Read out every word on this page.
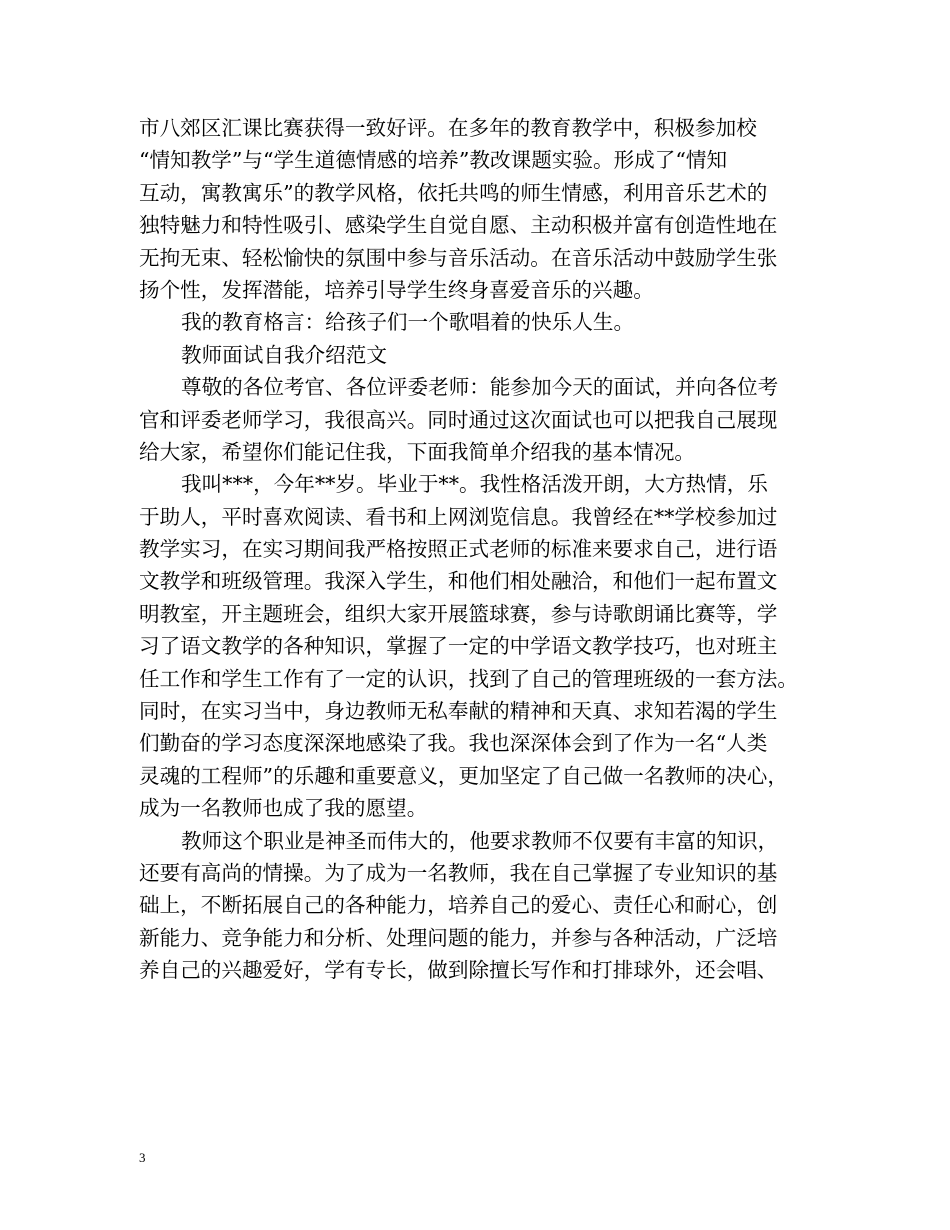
市八郊区汇课比赛获得一致好评。在多年的教育教学中，积极参加校
“情知教学”与“学生道德情感的培养”教改课题实验。形成了“情知
互动，寓教寓乐”的教学风格，依托共鸣的师生情感，利用音乐艺术的
独特魅力和特性吸引、感染学生自觉自愿、主动积极并富有创造性地在
无拘无束、轻松愉快的氛围中参与音乐活动。在音乐活动中鼓励学生张
扬个性，发挥潜能，培养引导学生终身喜爱音乐的兴趣。
我的教育格言：给孩子们一个歌唱着的快乐人生。
教师面试自我介绍范文
尊敬的各位考官、各位评委老师：能参加今天的面试，并向各位考
官和评委老师学习，我很高兴。同时通过这次面试也可以把我自己展现
给大家，希望你们能记住我，下面我简单介绍我的基本情况。
我叫***，今年**岁。毕业于**。我性格活泼开朗，大方热情，乐
于助人，平时喜欢阅读、看书和上网浏览信息。我曾经在**学校参加过
教学实习，在实习期间我严格按照正式老师的标准来要求自己，进行语
文教学和班级管理。我深入学生，和他们相处融洽，和他们一起布置文
明教室，开主题班会，组织大家开展篮球赛，参与诗歌朗诵比赛等，学
习了语文教学的各种知识，掌握了一定的中学语文教学技巧，也对班主
任工作和学生工作有了一定的认识，找到了自己的管理班级的一套方法。
同时，在实习当中，身边教师无私奉献的精神和天真、求知若渴的学生
们勤奋的学习态度深深地感染了我。我也深深体会到了作为一名“人类
灵魂的工程师”的乐趣和重要意义，更加坚定了自己做一名教师的决心，
成为一名教师也成了我的愿望。
教师这个职业是神圣而伟大的，他要求教师不仅要有丰富的知识，
还要有高尚的情操。为了成为一名教师，我在自己掌握了专业知识的基
础上，不断拓展自己的各种能力，培养自己的爱心、责任心和耐心，创
新能力、竞争能力和分析、处理问题的能力，并参与各种活动，广泛培
养自己的兴趣爱好，学有专长，做到除擅长写作和打排球外，还会唱、
3
